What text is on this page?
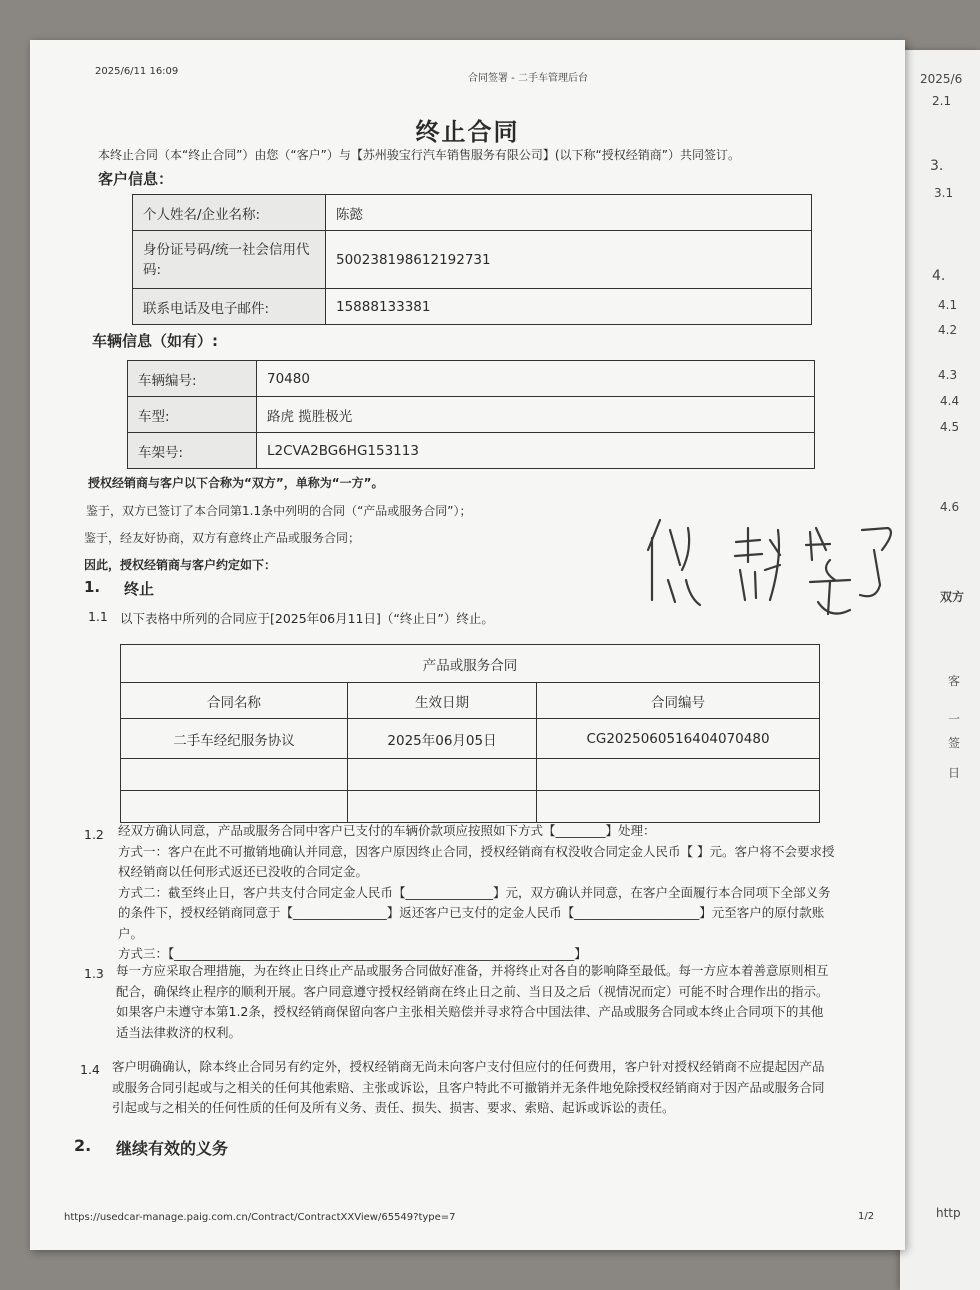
2025/6
2.1
3.
3.1
4.
4.1
4.2
4.3
4.4
4.5
4.6
双方
客
一
签
日
http
2025/6/11 16:09
合同签署 - 二手车管理后台
终止合同
本终止合同（本“终止合同”）由您（“客户”）与【苏州骏宝行汽车销售服务有限公司】(以下称“授权经销商”）共同签订。
客户信息：
个人姓名/企业名称:	陈懿
身份证号码/统一社会信用代码:	500238198612192731
联系电话及电子邮件:	15888133381
车辆信息（如有）:
车辆编号:	70480
车型:	路虎 揽胜极光
车架号:	L2CVA2BG6HG153113
授权经销商与客户以下合称为“双方”，单称为“一方”。
鉴于，双方已签订了本合同第1.1条中列明的合同（“产品或服务合同”）；
鉴于，经友好协商，双方有意终止产品或服务合同；
因此，授权经销商与客户约定如下：
1. 终止
1.1 以下表格中所列的合同应于[2025年06月11日]（“终止日”）终止。
产品或服务合同		
合同名称	生效日期	合同编号
二手车经纪服务协议	2025年06月05日	CG2025060516404070480

1.2 经双方确认同意，产品或服务合同中客户已支付的车辆价款项应按照如下方式【________】处理：
方式一：客户在此不可撤销地确认并同意，因客户原因终止合同，授权经销商有权没收合同定金人民币【 】元。客户将不会要求授
权经销商以任何形式返还已没收的合同定金。
方式二：截至终止日，客户共支付合同定金人民币【______________】元，双方确认并同意，在客户全面履行本合同项下全部义务
的条件下，授权经销商同意于【_______________】返还客户已支付的定金人民币【____________________】元至客户的原付款账
户。
方式三：【________________________________________________________________】
1.3 每一方应采取合理措施，为在终止日终止产品或服务合同做好准备，并将终止对各自的影响降至最低。每一方应本着善意原则相互
配合，确保终止程序的顺利开展。客户同意遵守授权经销商在终止日之前、当日及之后（视情况而定）可能不时合理作出的指示。
如果客户未遵守本第1.2条，授权经销商保留向客户主张相关赔偿并寻求符合中国法律、产品或服务合同或本终止合同项下的其他
适当法律救济的权利。
1.4 客户明确确认，除本终止合同另有约定外，授权经销商无尚未向客户支付但应付的任何费用，客户针对授权经销商不应提起因产品
或服务合同引起或与之相关的任何其他索赔、主张或诉讼，且客户特此不可撤销并无条件地免除授权经销商对于因产品或服务合同
引起或与之相关的任何性质的任何及所有义务、责任、损失、损害、要求、索赔、起诉或诉讼的责任。
2. 继续有效的义务
https://usedcar-manage.paig.com.cn/Contract/ContractXXView/65549?type=7	1/2
